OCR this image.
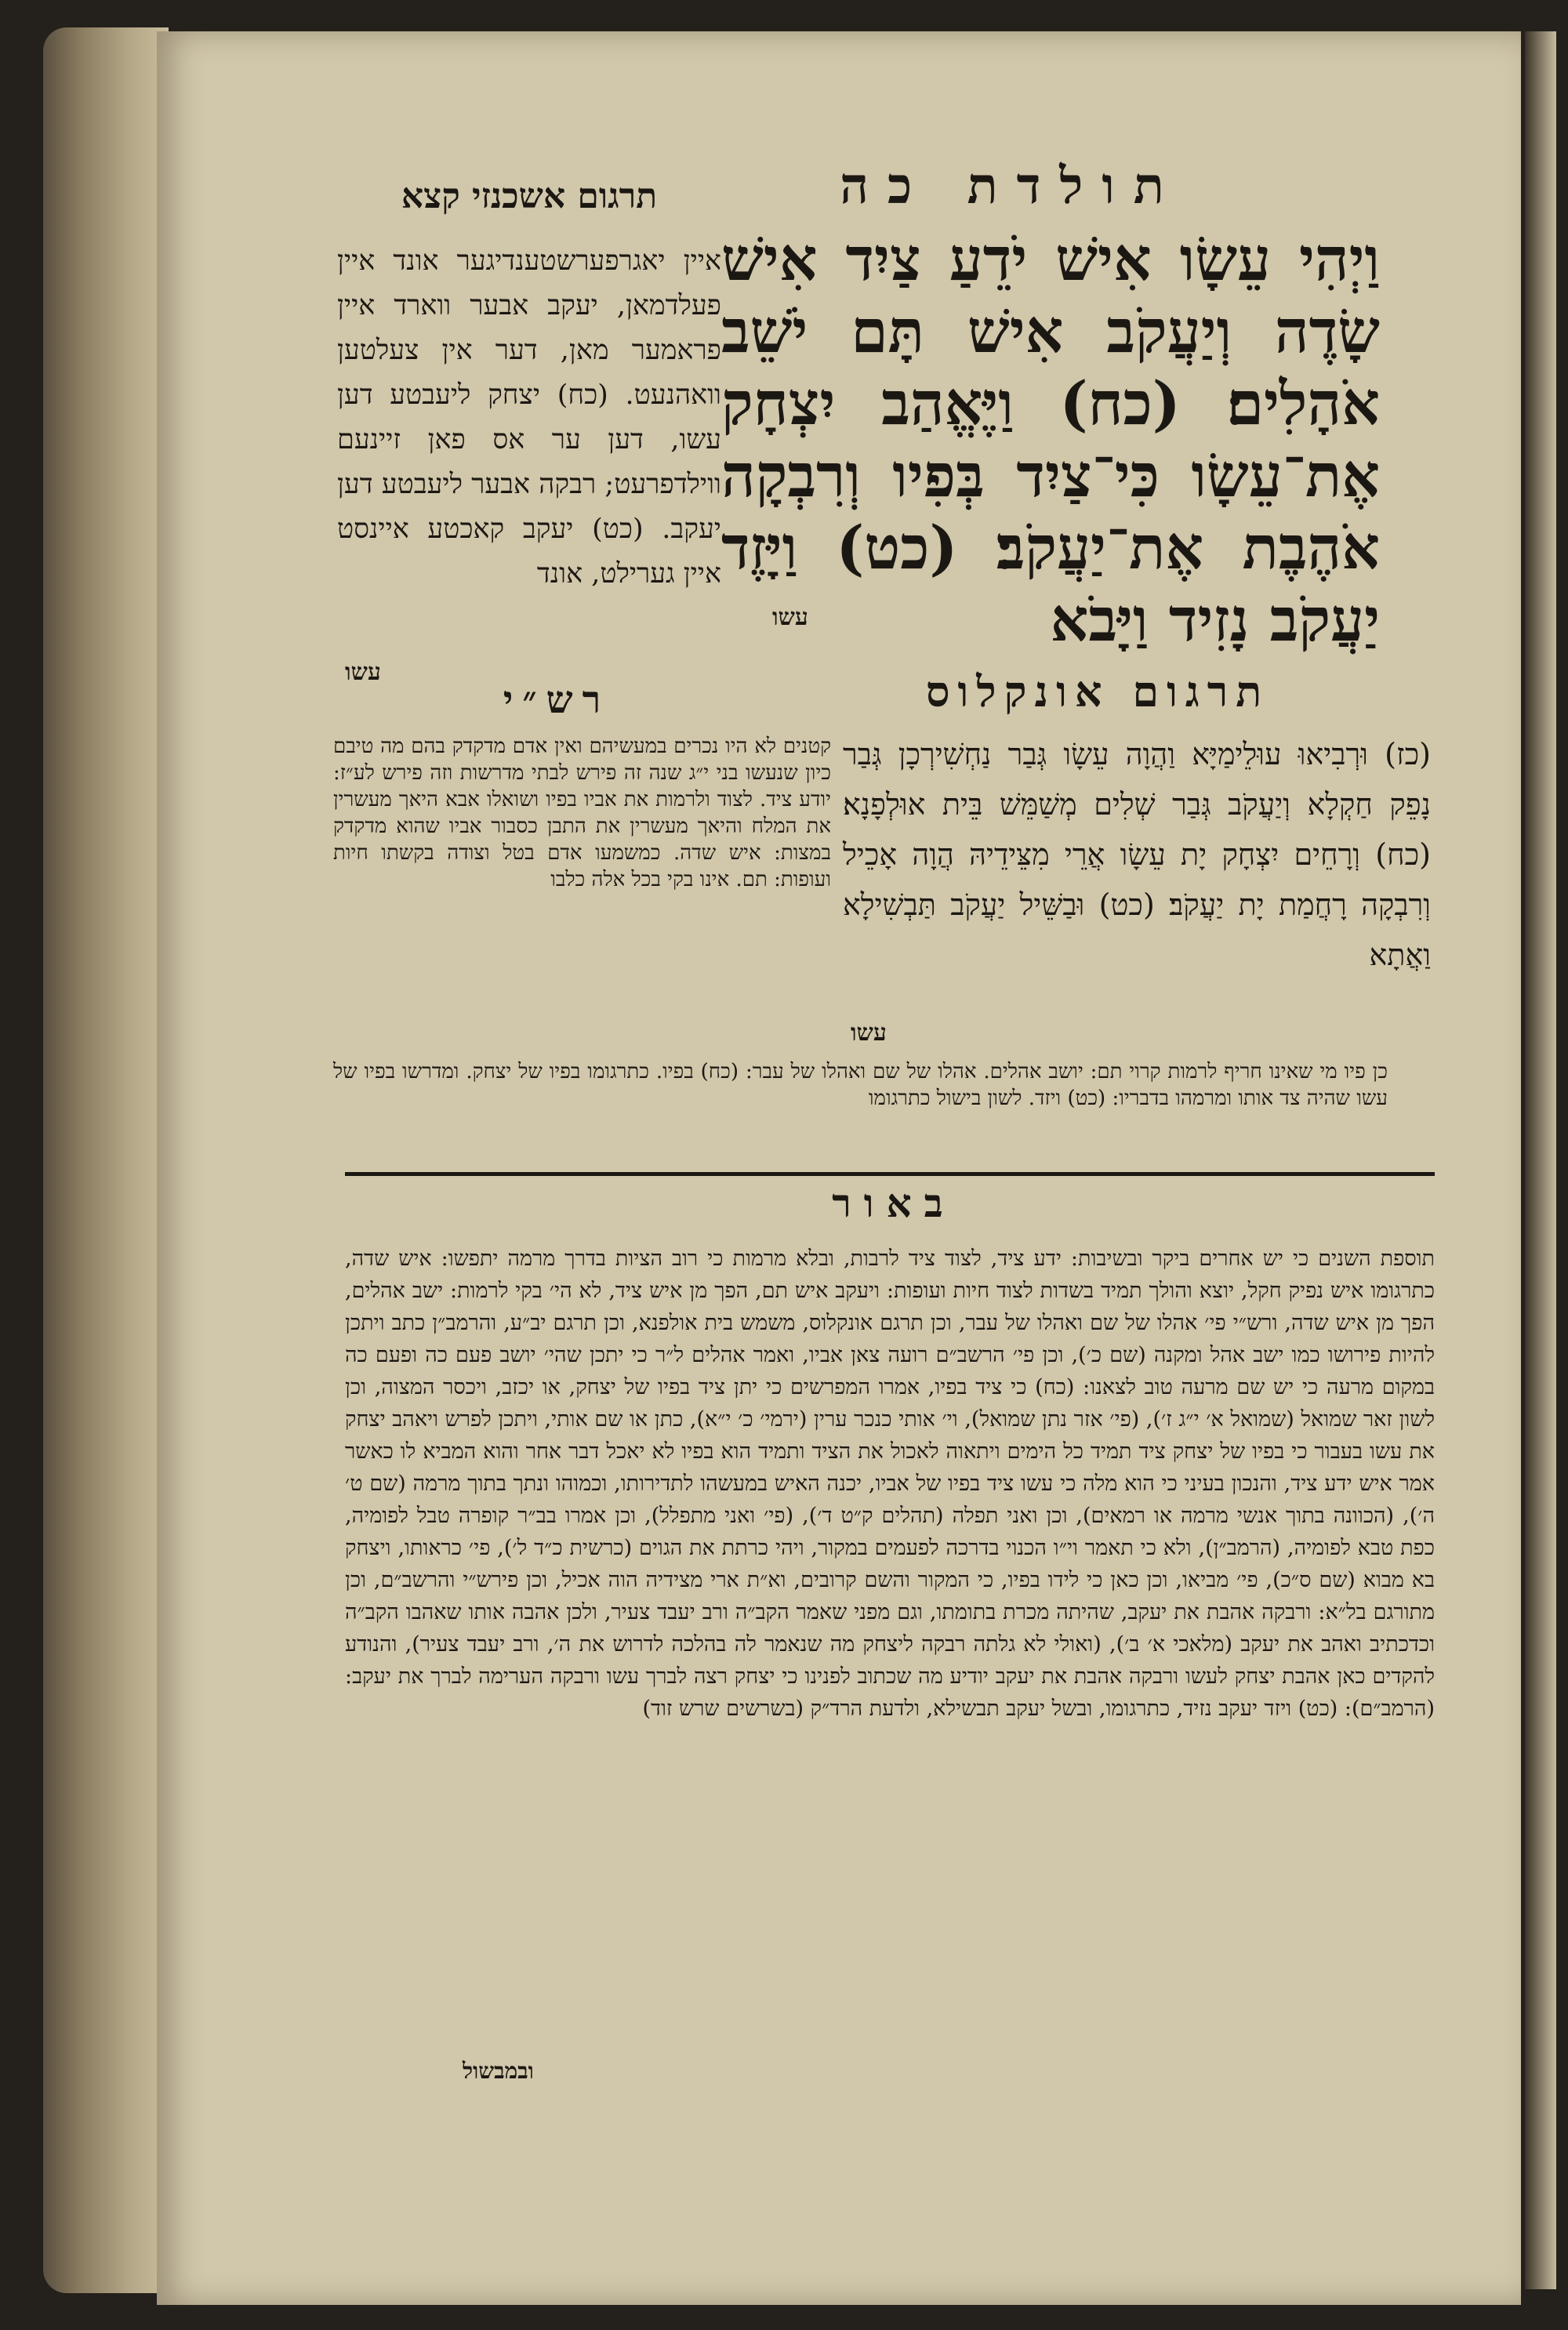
תולדת כה
תרגום אשכנזי קצא
וַיְהִי עֵשָׂו אִישׁ יֹדֵעַ צַיִד אִישׁ שָׂדֶה וְיַעֲקֹב אִישׁ תָּם יֹשֵׁב אֹהָלִים׃ (כח) וַיֶּאֱהַב יִצְחָק אֶת־עֵשָׂו כִּי־צַיִד בְּפִיו וְרִבְקָה אֹהֶבֶת אֶת־יַעֲקֹב׃ (כט) וַיָּזֶד יַעֲקֹב נָזִיד וַיָּבֹא
עשו
איין יאגרפערשטענדיגער אונד איין פעלדמאן, יעקב אבער ווארד איין פראמער מאן, דער אין צעלטען וואהנעט. (כח) יצחק ליעבטע דען עשו, דען ער אס פאן זיינעם ווילדפרעט; רבקה אבער ליעבטע דען יעקב. (כט) יעקב קאכטע איינסט איין גערילט, אונד
עשו	תרגום אונקלוס
(כז) וּרְבִיאוּ עוּלֵימַיָּא וַהֲוָה עֵשָׂו גְּבַר נַחְשִׁירְכָן גְּבַר נָפֵק חַקְלָא וְיַעֲקֹב גְּבַר שְׁלִים מְשַׁמֵּשׁ בֵּית אוּלְפָנָא׃ (כח) וְרָחֵים יִצְחָק יָת עֵשָׂו אֲרֵי מִצֵּידֵיהּ הֲוָה אָכֵיל וְרִבְקָה רָחֲמַת יָת יַעֲקֹב׃ (כט) וּבַשֵּׁיל יַעֲקֹב תַּבְשִׁילָא וַאֲתָא
עשו
רש״י
קטנים לא היו נכרים במעשיהם ואין אדם מדקדק בהם מה טיבם כיון שנעשו בני י״ג שנה זה פירש לבתי מדרשות וזה פירש לע״ז: יודע ציד. לצוד ולרמות את אביו בפיו ושואלו אבא היאך מעשרין את המלח והיאך מעשרין את התבן כסבור אביו שהוא מדקדק במצות: איש שדה. כמשמעו אדם בטל וצודה בקשתו חיות ועופות: תם. אינו בקי בכל אלה כלבו
כן פיו מי שאינו חריף לרמות קרוי תם: יושב אהלים. אהלו של שם ואהלו של עבר: (כח) בפיו. כתרגומו בפיו של יצחק. ומדרשו בפיו של עשו שהיה צד אותו ומרמהו בדבריו: (כט) ויזד. לשון בישול כתרגומו
באור
תוספת השנים כי יש אחרים ביקר ובשיבות: ידע ציד, לצוד ציד לרבות, ובלא מרמות כי רוב הציות בדרך מרמה יתפשו: איש שדה, כתרגומו איש נפיק חקל, יוצא והולך תמיד בשדות לצוד חיות ועופות: ויעקב איש תם, הפך מן איש ציד, לא הי׳ בקי לרמות: ישב אהלים, הפך מן איש שדה, ורש״י פי׳ אהלו של שם ואהלו של עבר, וכן תרגם אונקלוס, משמש בית אולפנא, וכן תרגם יב״ע, והרמב״ן כתב ויתכן להיות פירושו כמו ישב אהל ומקנה (שם כ׳), וכן פי׳ הרשב״ם רועה צאן אביו, ואמר אהלים ל״ר כי יתכן שהי׳ יושב פעם כה ופעם כה במקום מרעה כי יש שם מרעה טוב לצאנו: (כח) כי ציד בפיו, אמרו המפרשים כי יתן ציד בפיו של יצחק, או יכזב, ויכסר המצוה, וכן לשון זאר שמואל (שמואל א׳ י״ג ז׳), (פי׳ אזר נתן שמואל), וי׳ אותי כנכר ערין (ירמי׳ כ׳ י״א), כתן או שם אותי, ויתכן לפרש ויאהב יצחק את עשו בעבור כי בפיו של יצחק ציד תמיד כל הימים ויתאוה לאכול את הציד ותמיד הוא בפיו לא יאכל דבר אחר והוא המביא לו כאשר אמר איש ידע ציד, והנכון בעיני כי הוא מלה כי עשו ציד בפיו של אביו, יכנה האיש במעשהו לתדירותו, וכמוהו ונתך בתוך מרמה (שם ט׳ ה׳), (הכוונה בתוך אנשי מרמה או רמאים), וכן ואני תפלה (תהלים ק״ט ד׳), (פי׳ ואני מתפלל), וכן אמרו בב״ר קופרה טבל לפומיה, כפת טבא לפומיה, (הרמב״ן), ולא כי תאמר וי״ו הכנוי בדרכה לפעמים במקור, ויהי כרתת את הגוים (כרשית כ״ד ל׳), פי׳ כראותו, ויצחק בא מבוא (שם ס״כ), פי׳ מביאו, וכן כאן כי לידו בפיו, כי המקור והשם קרובים, וא״ת ארי מצידיה הוה אכיל, וכן פירש״י והרשב״ם, וכן מתורגם בל״א: ורבקה אהבת את יעקב, שהיתה מכרת בתומתו, וגם מפני שאמר הקב״ה ורב יעבד צעיר, ולכן אהבה אותו שאהבו הקב״ה וכדכתיב ואהב את יעקב (מלאכי א׳ ב׳), (ואולי לא גלתה רבקה ליצחק מה שנאמר לה בהלכה לדרוש את ה׳, ורב יעבד צעיר), והנודע להקדים כאן אהבת יצחק לעשו ורבקה אהבת את יעקב יודיע מה שכתוב לפנינו כי יצחק רצה לברך עשו ורבקה הערימה לברך את יעקב: (הרמב״ם): (כט) ויזד יעקב נזיד, כתרגומו, ובשל יעקב תבשילא, ולדעת הרד״ק (בשרשים שרש זוד)
ובמבשול
